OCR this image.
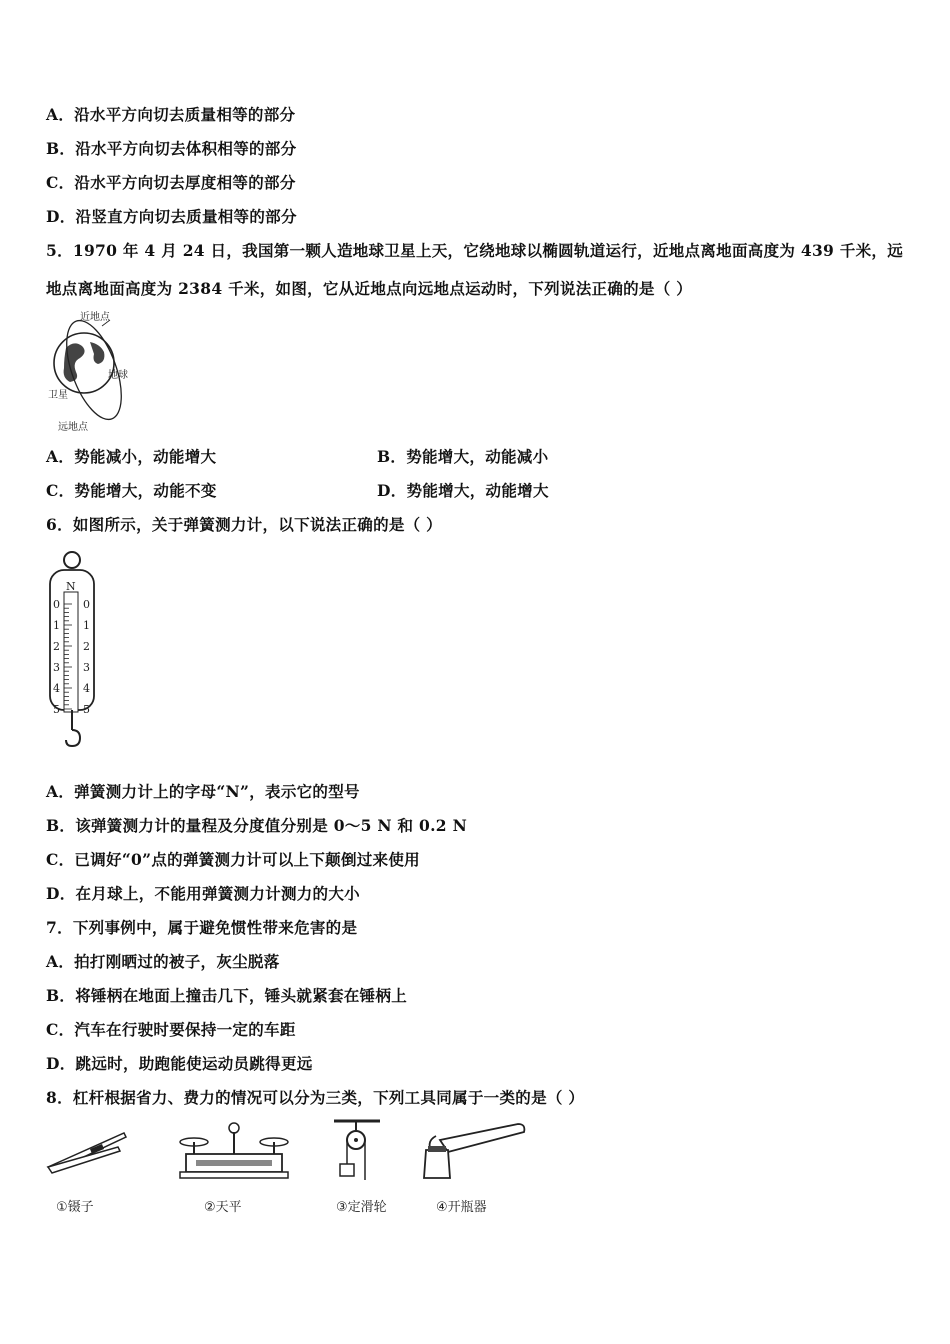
A．沿水平方向切去质量相等的部分
B．沿水平方向切去体积相等的部分
C．沿水平方向切去厚度相等的部分
D．沿竖直方向切去质量相等的部分
5．1970 年 4 月 24 日，我国第一颗人造地球卫星上天，它绕地球以椭圆轨道运行，近地点离地面高度为 439 千米，远
地点离地面高度为 2384 千米，如图，它从近地点向远地点运动时，下列说法正确的是（ ）
近地点
地球
卫星
远地点
A．势能减小，动能增大	B．势能增大，动能减小
C．势能增大，动能不变	D．势能增大，动能增大
6．如图所示，关于弹簧测力计，以下说法正确的是（ ）
N
0 0
1 1
2 2
3 3
4 4
5 5
A．弹簧测力计上的字母“N”，表示它的型号
B．该弹簧测力计的量程及分度值分别是 0～5 N 和 0.2 N
C．已调好“0”点的弹簧测力计可以上下颠倒过来使用
D．在月球上，不能用弹簧测力计测力的大小
7．下列事例中，属于避免惯性带来危害的是
A．拍打刚晒过的被子，灰尘脱落
B．将锤柄在地面上撞击几下，锤头就紧套在锤柄上
C．汽车在行驶时要保持一定的车距
D．跳远时，助跑能使运动员跳得更远
8．杠杆根据省力、费力的情况可以分为三类，下列工具同属于一类的是（ ）
①镊子	②天平	③定滑轮	④开瓶器
